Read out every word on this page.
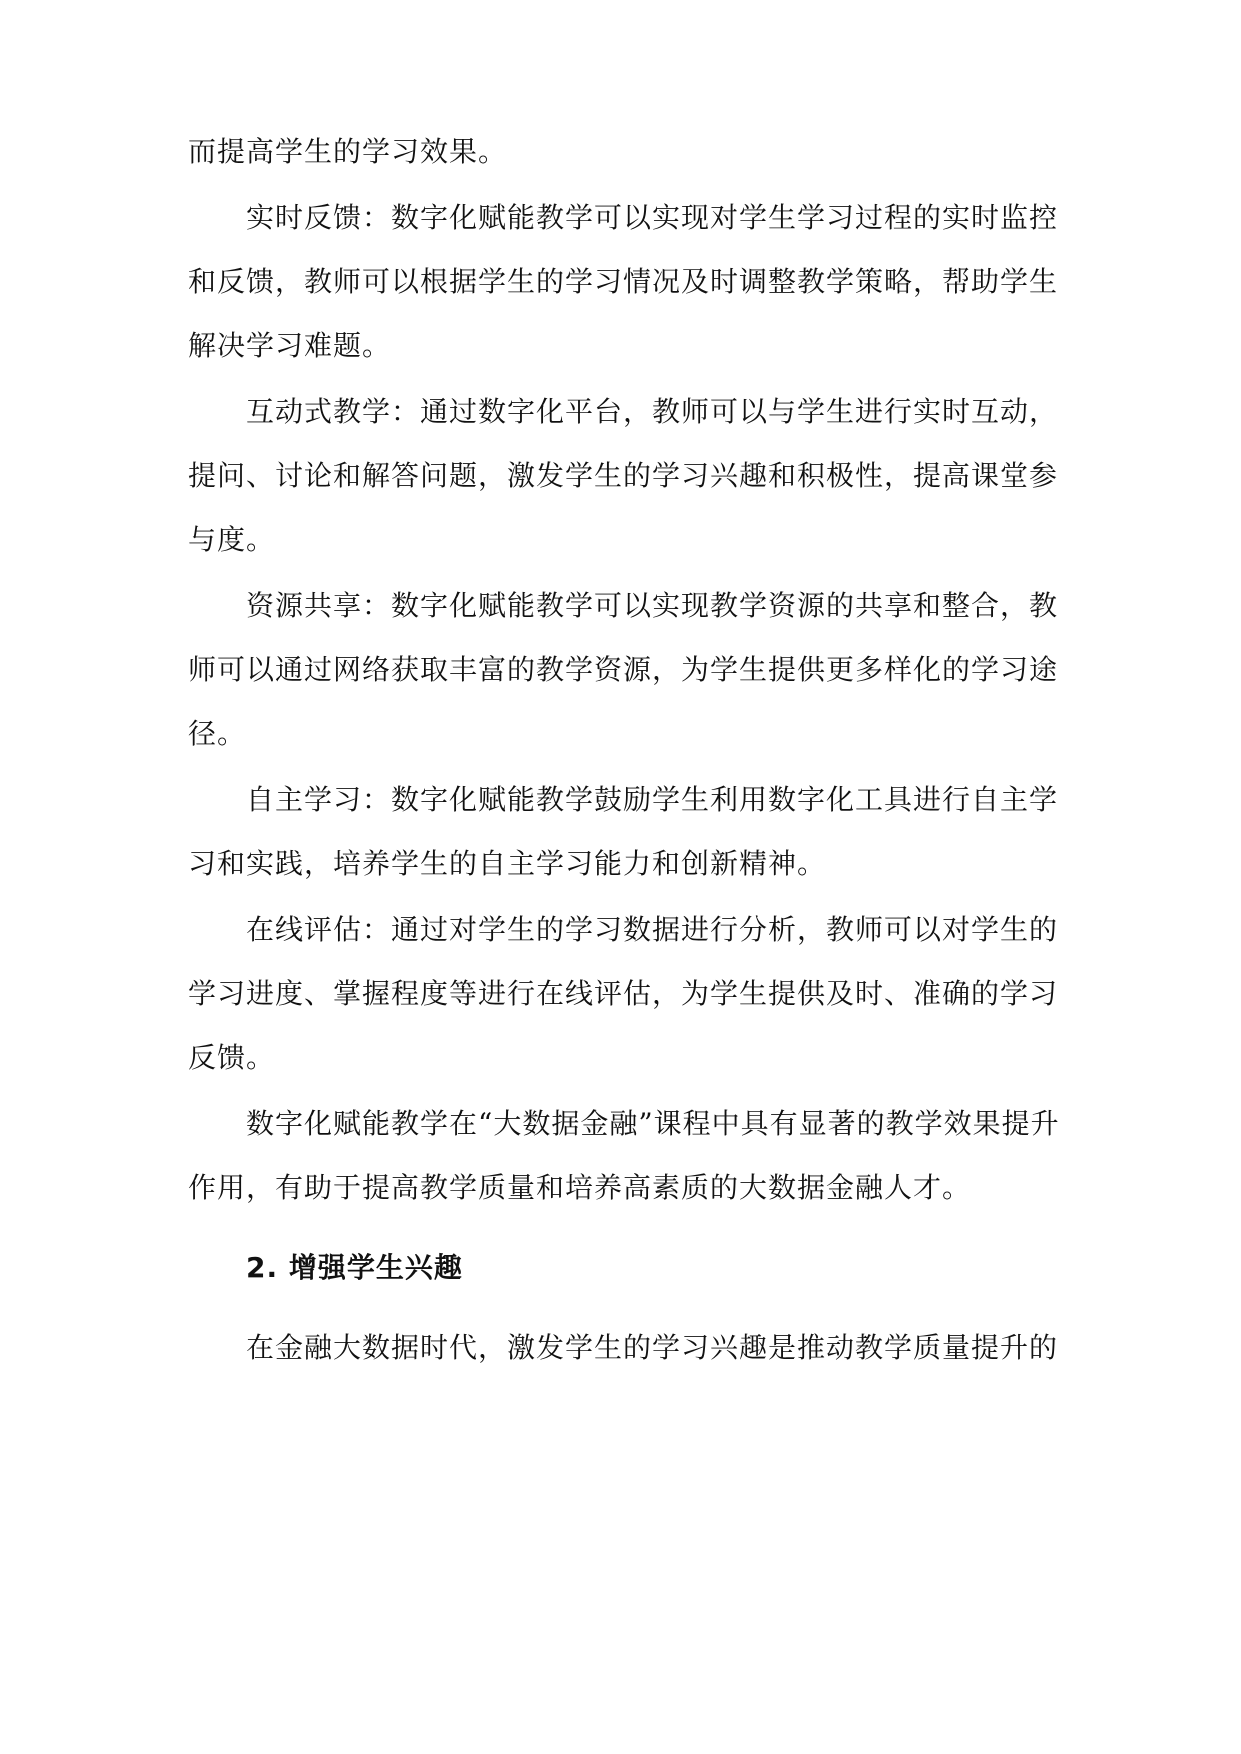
而提高学生的学习效果。

实时反馈：数字化赋能教学可以实现对学生学习过程的实时监控和反馈，教师可以根据学生的学习情况及时调整教学策略，帮助学生解决学习难题。

互动式教学：通过数字化平台，教师可以与学生进行实时互动，提问、讨论和解答问题，激发学生的学习兴趣和积极性，提高课堂参与度。

资源共享：数字化赋能教学可以实现教学资源的共享和整合，教师可以通过网络获取丰富的教学资源，为学生提供更多样化的学习途径。

自主学习：数字化赋能教学鼓励学生利用数字化工具进行自主学习和实践，培养学生的自主学习能力和创新精神。

在线评估：通过对学生的学习数据进行分析，教师可以对学生的学习进度、掌握程度等进行在线评估，为学生提供及时、准确的学习反馈。

数字化赋能教学在“大数据金融”课程中具有显著的教学效果提升作用，有助于提高教学质量和培养高素质的大数据金融人才。

2. 增强学生兴趣

在金融大数据时代，激发学生的学习兴趣是推动教学质量提升的
